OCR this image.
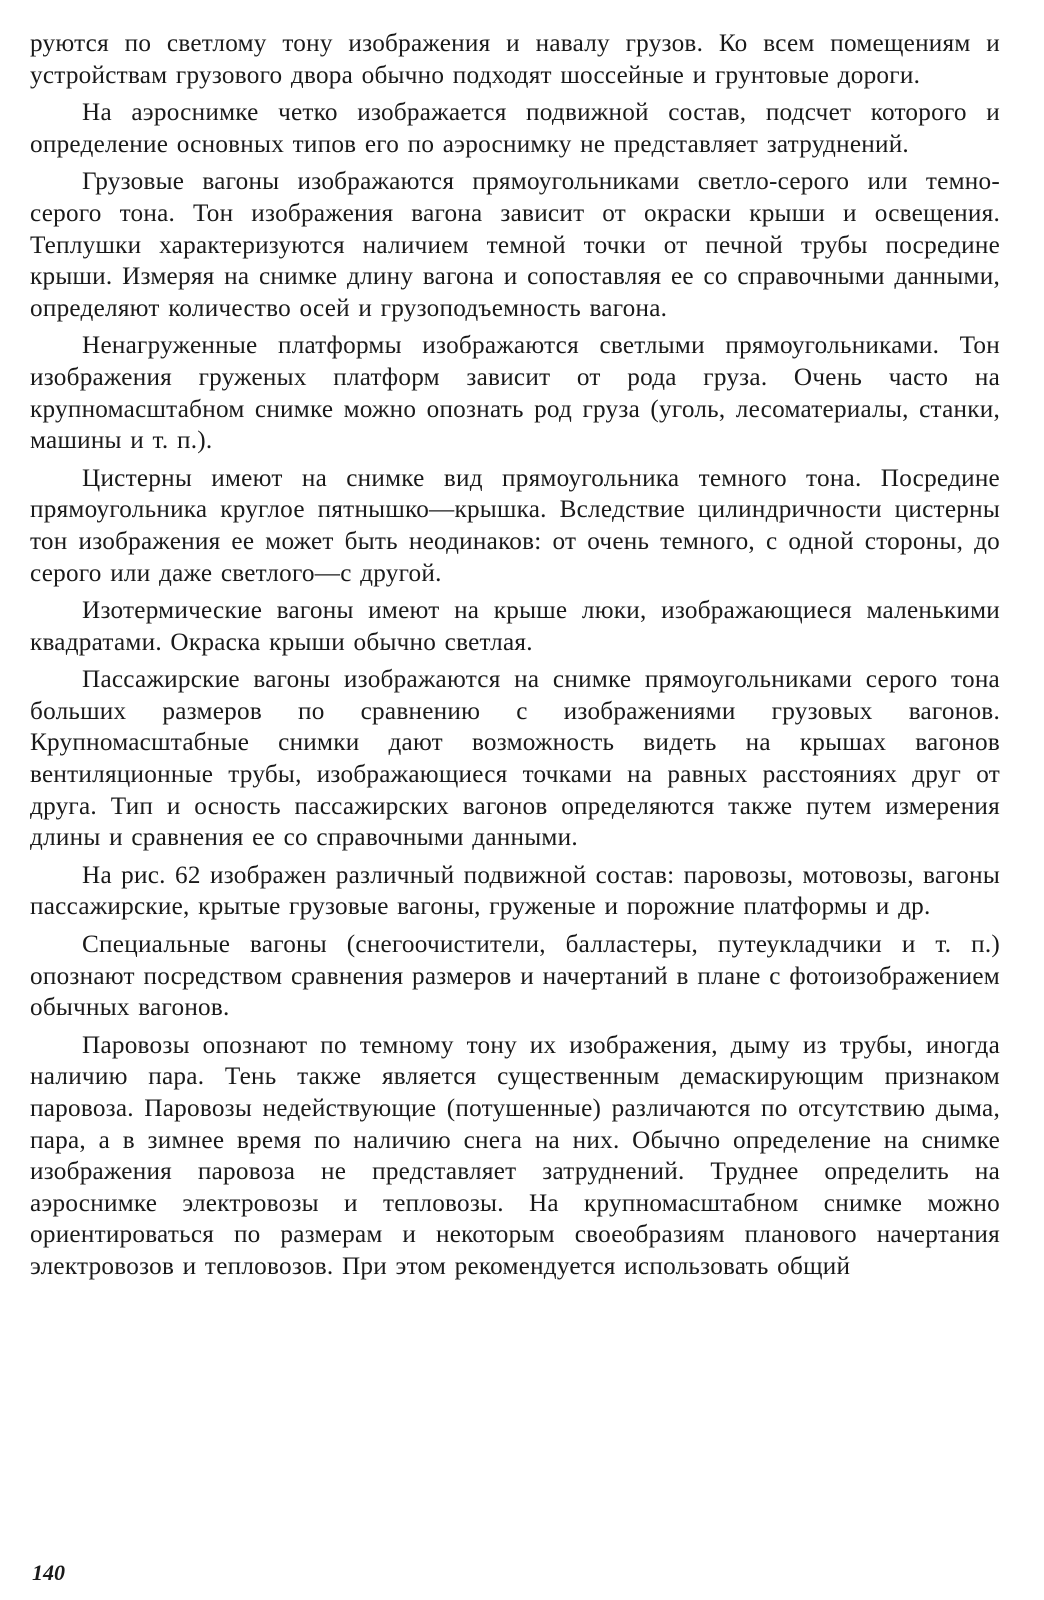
руются по светлому тону изображения и навалу грузов. Ко всем помещениям и устройствам грузового двора обычно подходят шоссейные и грунтовые дороги.

На аэроснимке четко изображается подвижной состав, подсчет которого и определение основных типов его по аэроснимку не представляет затруднений.

Грузовые вагоны изображаются прямоугольниками светло-серого или темно-серого тона. Тон изображения вагона зависит от окраски крыши и освещения. Теплушки характеризуются наличием темной точки от печной трубы посредине крыши. Измеряя на снимке длину вагона и сопоставляя ее со справочными данными, определяют количество осей и грузоподъемность вагона.

Ненагруженные платформы изображаются светлыми прямоугольниками. Тон изображения груженых платформ зависит от рода груза. Очень часто на крупномасштабном снимке можно опознать род груза (уголь, лесоматериалы, станки, машины и т. п.).

Цистерны имеют на снимке вид прямоугольника темного тона. Посредине прямоугольника круглое пятнышко—крышка. Вследствие цилиндричности цистерны тон изображения ее может быть неодинаков: от очень темного, с одной стороны, до серого или даже светлого—с другой.

Изотермические вагоны имеют на крыше люки, изображающиеся маленькими квадратами. Окраска крыши обычно светлая.

Пассажирские вагоны изображаются на снимке прямоугольниками серого тона больших размеров по сравнению с изображениями грузовых вагонов. Крупномасштабные снимки дают возможность видеть на крышах вагонов вентиляционные трубы, изображающиеся точками на равных расстояниях друг от друга. Тип и осность пассажирских вагонов определяются также путем измерения длины и сравнения ее со справочными данными.

На рис. 62 изображен различный подвижной состав: паровозы, мотовозы, вагоны пассажирские, крытые грузовые вагоны, груженые и порожние платформы и др.

Специальные вагоны (снегоочистители, балластеры, путеукладчики и т. п.) опознают посредством сравнения размеров и начертаний в плане с фотоизображением обычных вагонов.

Паровозы опознают по темному тону их изображения, дыму из трубы, иногда наличию пара. Тень также является существенным демаскирующим признаком паровоза. Паровозы недействующие (потушенные) различаются по отсутствию дыма, пара, а в зимнее время по наличию снега на них. Обычно определение на снимке изображения паровоза не представляет затруднений. Труднее определить на аэроснимке электровозы и тепловозы. На крупномасштабном снимке можно ориентироваться по размерам и некоторым своеобразиям планового начертания электровозов и тепловозов. При этом рекомендуется использовать общий

140
